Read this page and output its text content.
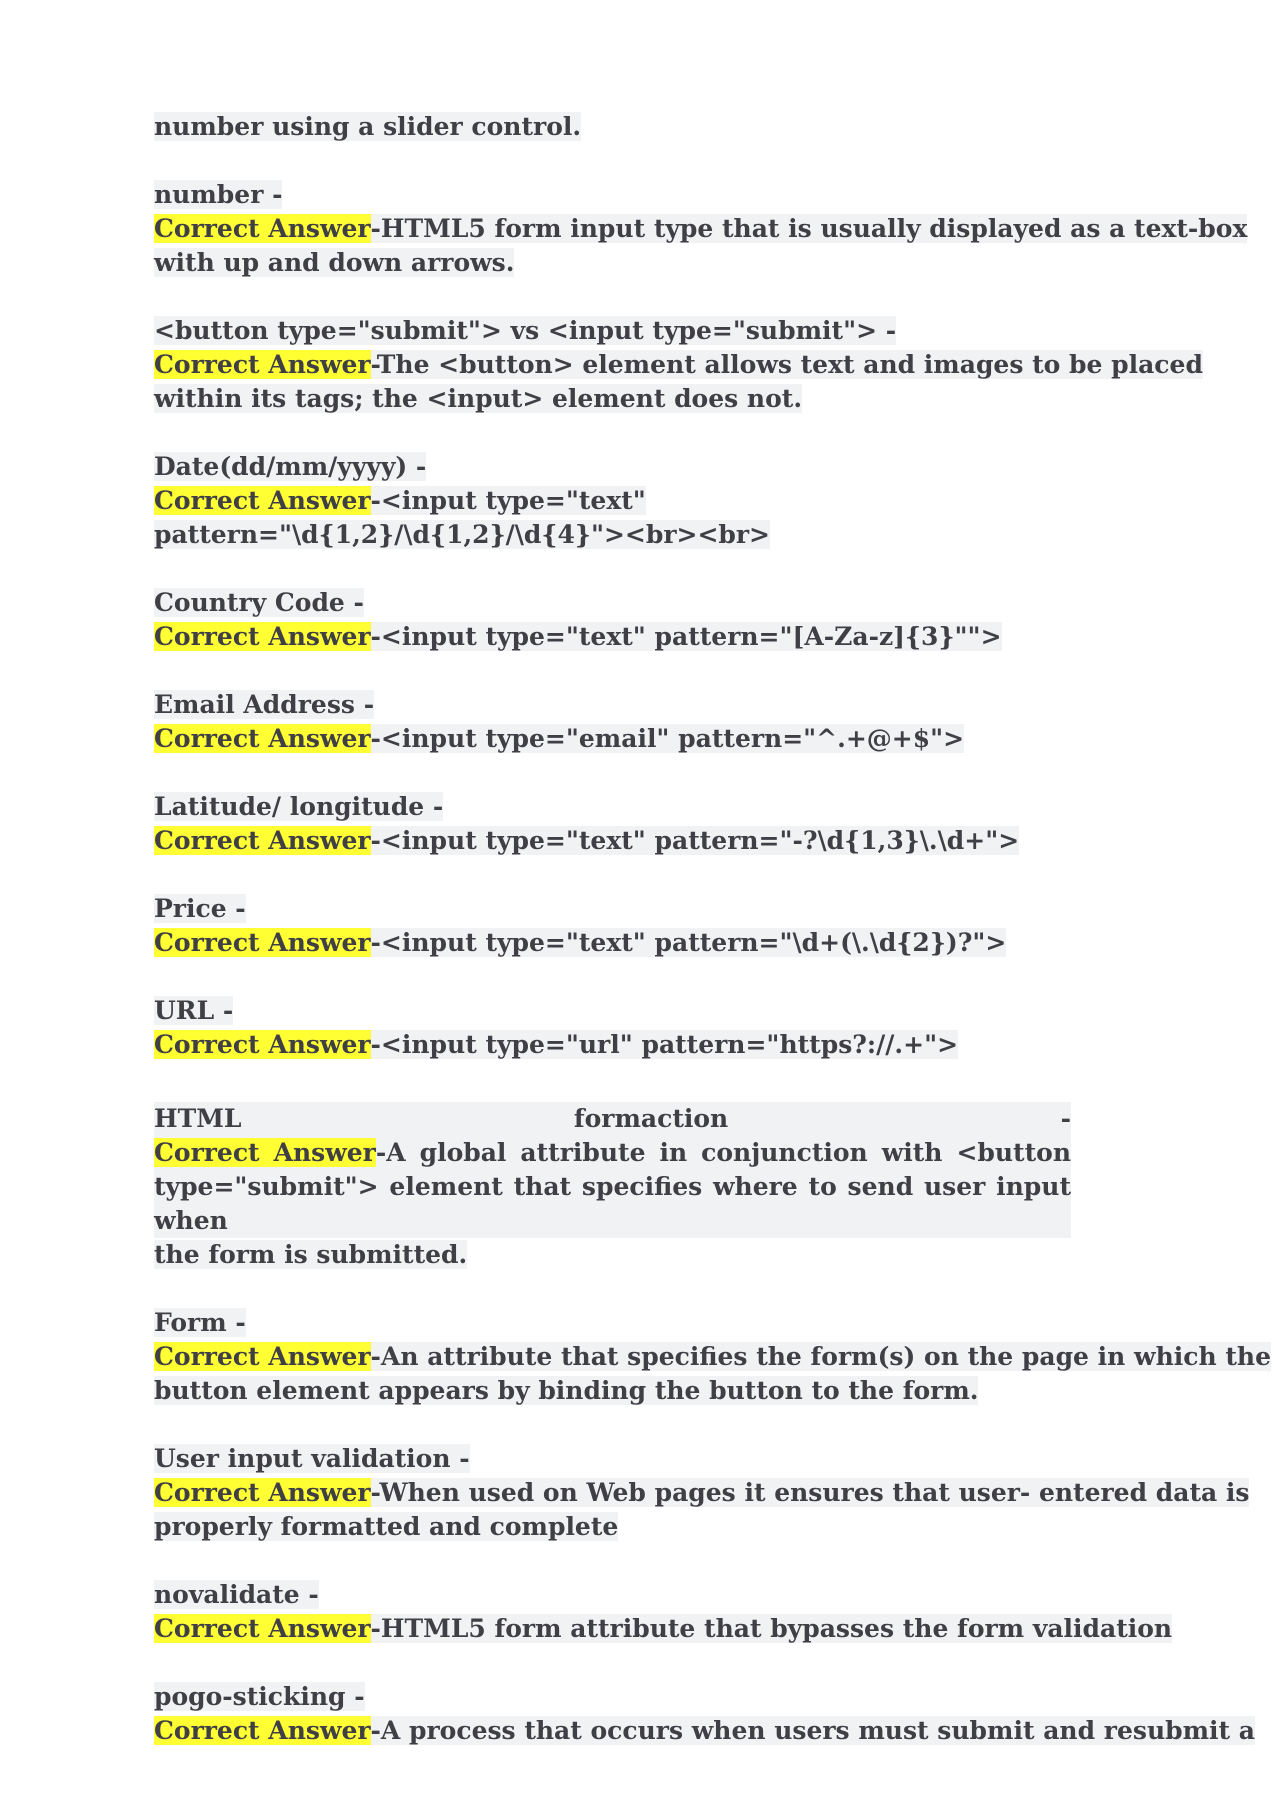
number using a slider control.
number -
Correct Answer-HTML5 form input type that is usually displayed as a text-box
with up and down arrows.
<button type="submit"> vs <input type="submit"> -
Correct Answer-The <button> element allows text and images to be placed
within its tags; the <input> element does not.
Date(dd/mm/yyyy) -
Correct Answer-<input type="text"
pattern="\d{1,2}/\d{1,2}/\d{4}"><br><br>
Country Code -
Correct Answer-<input type="text" pattern="[A-Za-z]{3}"">
Email Address -
Correct Answer-<input type="email" pattern="^.+@+$">
Latitude/ longitude -
Correct Answer-<input type="text" pattern="-?\d{1,3}\.\d+">
Price -
Correct Answer-<input type="text" pattern="\d+(\.\d{2})?">
URL -
Correct Answer-<input type="url" pattern="https?://.+">
HTML	formaction	-
Correct Answer-A global attribute in conjunction with <button
type="submit"> element that specifies where to send user input when
the form is submitted.
Form -
Correct Answer-An attribute that specifies the form(s) on the page in which the
button element appears by binding the button to the form.
User input validation -
Correct Answer-When used on Web pages it ensures that user- entered data is
properly formatted and complete
novalidate -
Correct Answer-HTML5 form attribute that bypasses the form validation
pogo-sticking -
Correct Answer-A process that occurs when users must submit and resubmit a
